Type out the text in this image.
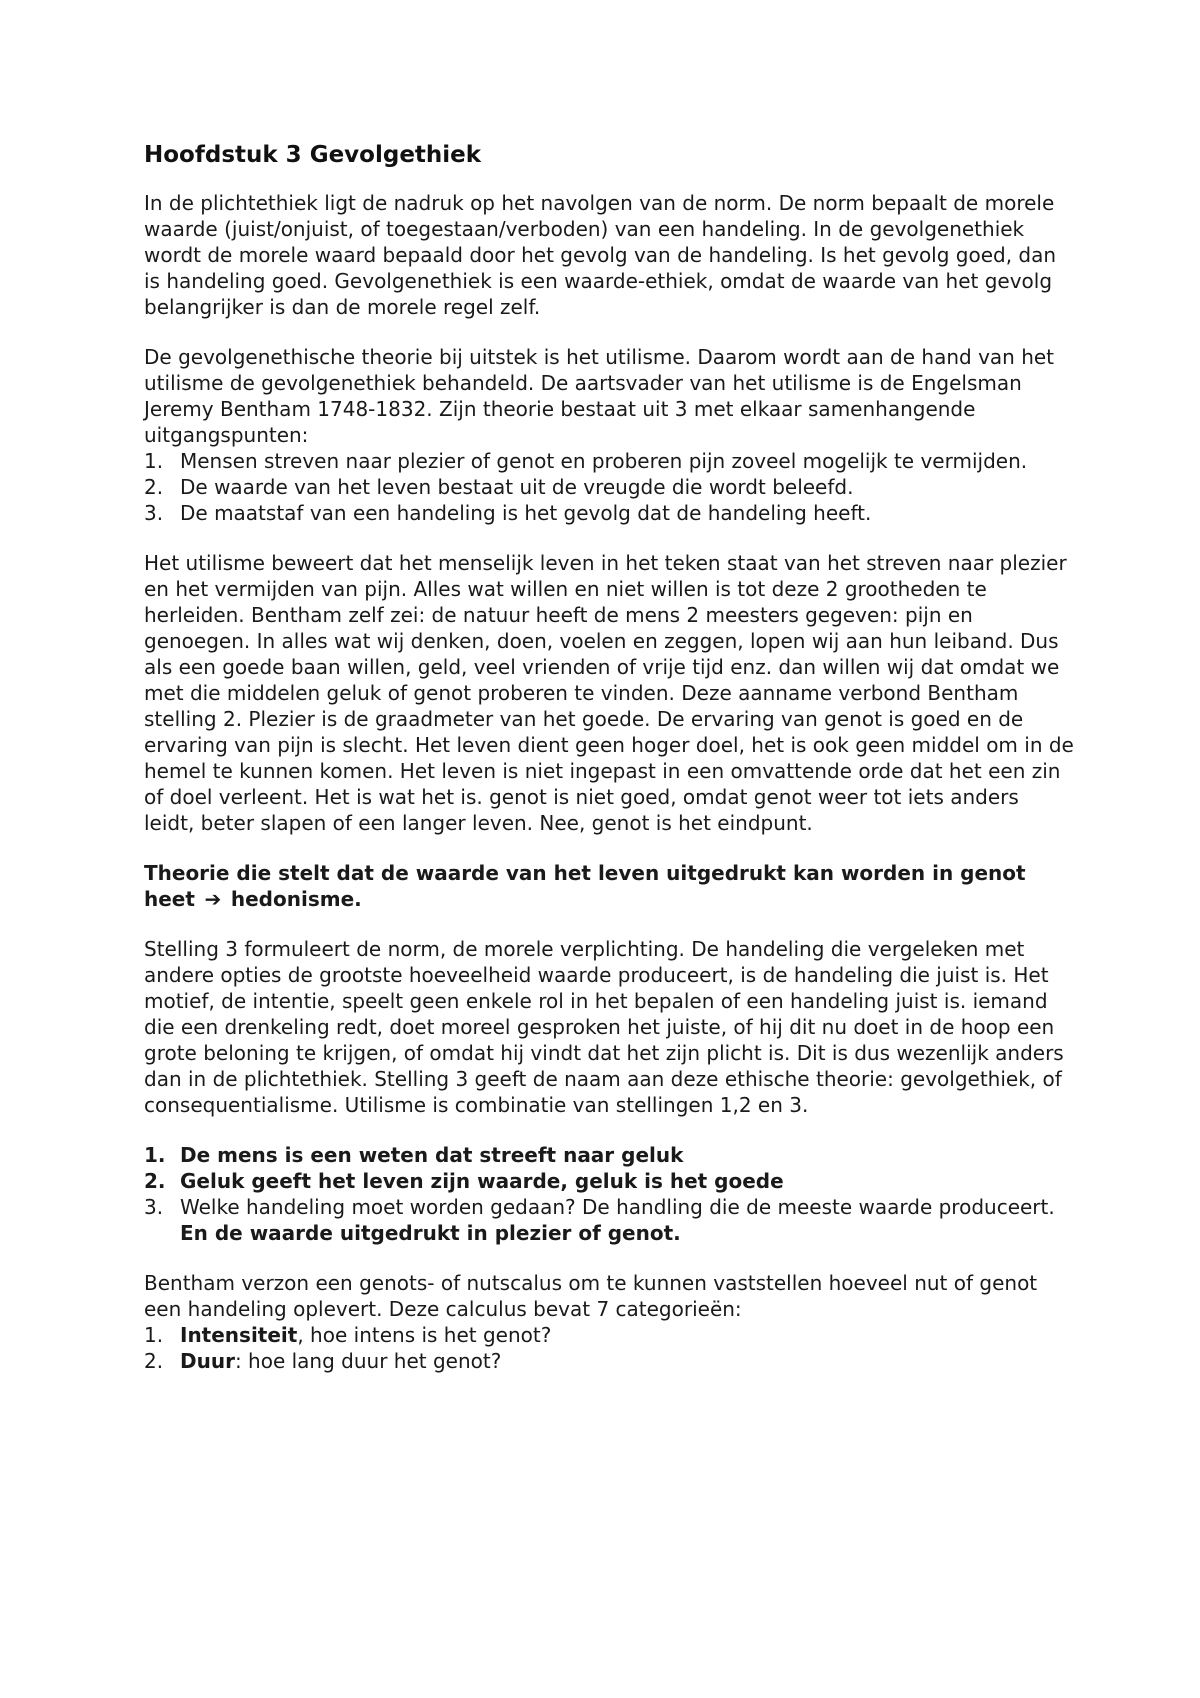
Hoofdstuk 3 Gevolgethiek

In de plichtethiek ligt de nadruk op het navolgen van de norm. De norm bepaalt de morele waarde (juist/onjuist, of toegestaan/verboden) van een handeling. In de gevolgenethiek wordt de morele waard bepaald door het gevolg van de handeling. Is het gevolg goed, dan is handeling goed. Gevolgenethiek is een waarde-ethiek, omdat de waarde van het gevolg belangrijker is dan de morele regel zelf.

De gevolgenethische theorie bij uitstek is het utilisme. Daarom wordt aan de hand van het utilisme de gevolgenethiek behandeld. De aartsvader van het utilisme is de Engelsman Jeremy Bentham 1748-1832. Zijn theorie bestaat uit 3 met elkaar samenhangende uitgangspunten:

1. Mensen streven naar plezier of genot en proberen pijn zoveel mogelijk te vermijden.
2. De waarde van het leven bestaat uit de vreugde die wordt beleefd.
3. De maatstaf van een handeling is het gevolg dat de handeling heeft.

Het utilisme beweert dat het menselijk leven in het teken staat van het streven naar plezier en het vermijden van pijn. Alles wat willen en niet willen is tot deze 2 grootheden te herleiden. Bentham zelf zei: de natuur heeft de mens 2 meesters gegeven: pijn en genoegen. In alles wat wij denken, doen, voelen en zeggen, lopen wij aan hun leiband. Dus als een goede baan willen, geld, veel vrienden of vrije tijd enz. dan willen wij dat omdat we met die middelen geluk of genot proberen te vinden. Deze aanname verbond Bentham stelling 2. Plezier is de graadmeter van het goede. De ervaring van genot is goed en de ervaring van pijn is slecht. Het leven dient geen hoger doel, het is ook geen middel om in de hemel te kunnen komen. Het leven is niet ingepast in een omvattende orde dat het een zin of doel verleent. Het is wat het is. genot is niet goed, omdat genot weer tot iets anders leidt, beter slapen of een langer leven. Nee, genot is het eindpunt.

Theorie die stelt dat de waarde van het leven uitgedrukt kan worden in genot heet ➔ hedonisme.

Stelling 3 formuleert de norm, de morele verplichting. De handeling die vergeleken met andere opties de grootste hoeveelheid waarde produceert, is de handeling die juist is. Het motief, de intentie, speelt geen enkele rol in het bepalen of een handeling juist is. iemand die een drenkeling redt, doet moreel gesproken het juiste, of hij dit nu doet in de hoop een grote beloning te krijgen, of omdat hij vindt dat het zijn plicht is. Dit is dus wezenlijk anders dan in de plichtethiek. Stelling 3 geeft de naam aan deze ethische theorie: gevolgethiek, of consequentialisme. Utilisme is combinatie van stellingen 1,2 en 3.

1. De mens is een weten dat streeft naar geluk
2. Geluk geeft het leven zijn waarde, geluk is het goede
3. Welke handeling moet worden gedaan? De handling die de meeste waarde produceert.
En de waarde uitgedrukt in plezier of genot.

Bentham verzon een genots- of nutscalus om te kunnen vaststellen hoeveel nut of genot een handeling oplevert. Deze calculus bevat 7 categorieën:

1. Intensiteit, hoe intens is het genot?
2. Duur: hoe lang duur het genot?
